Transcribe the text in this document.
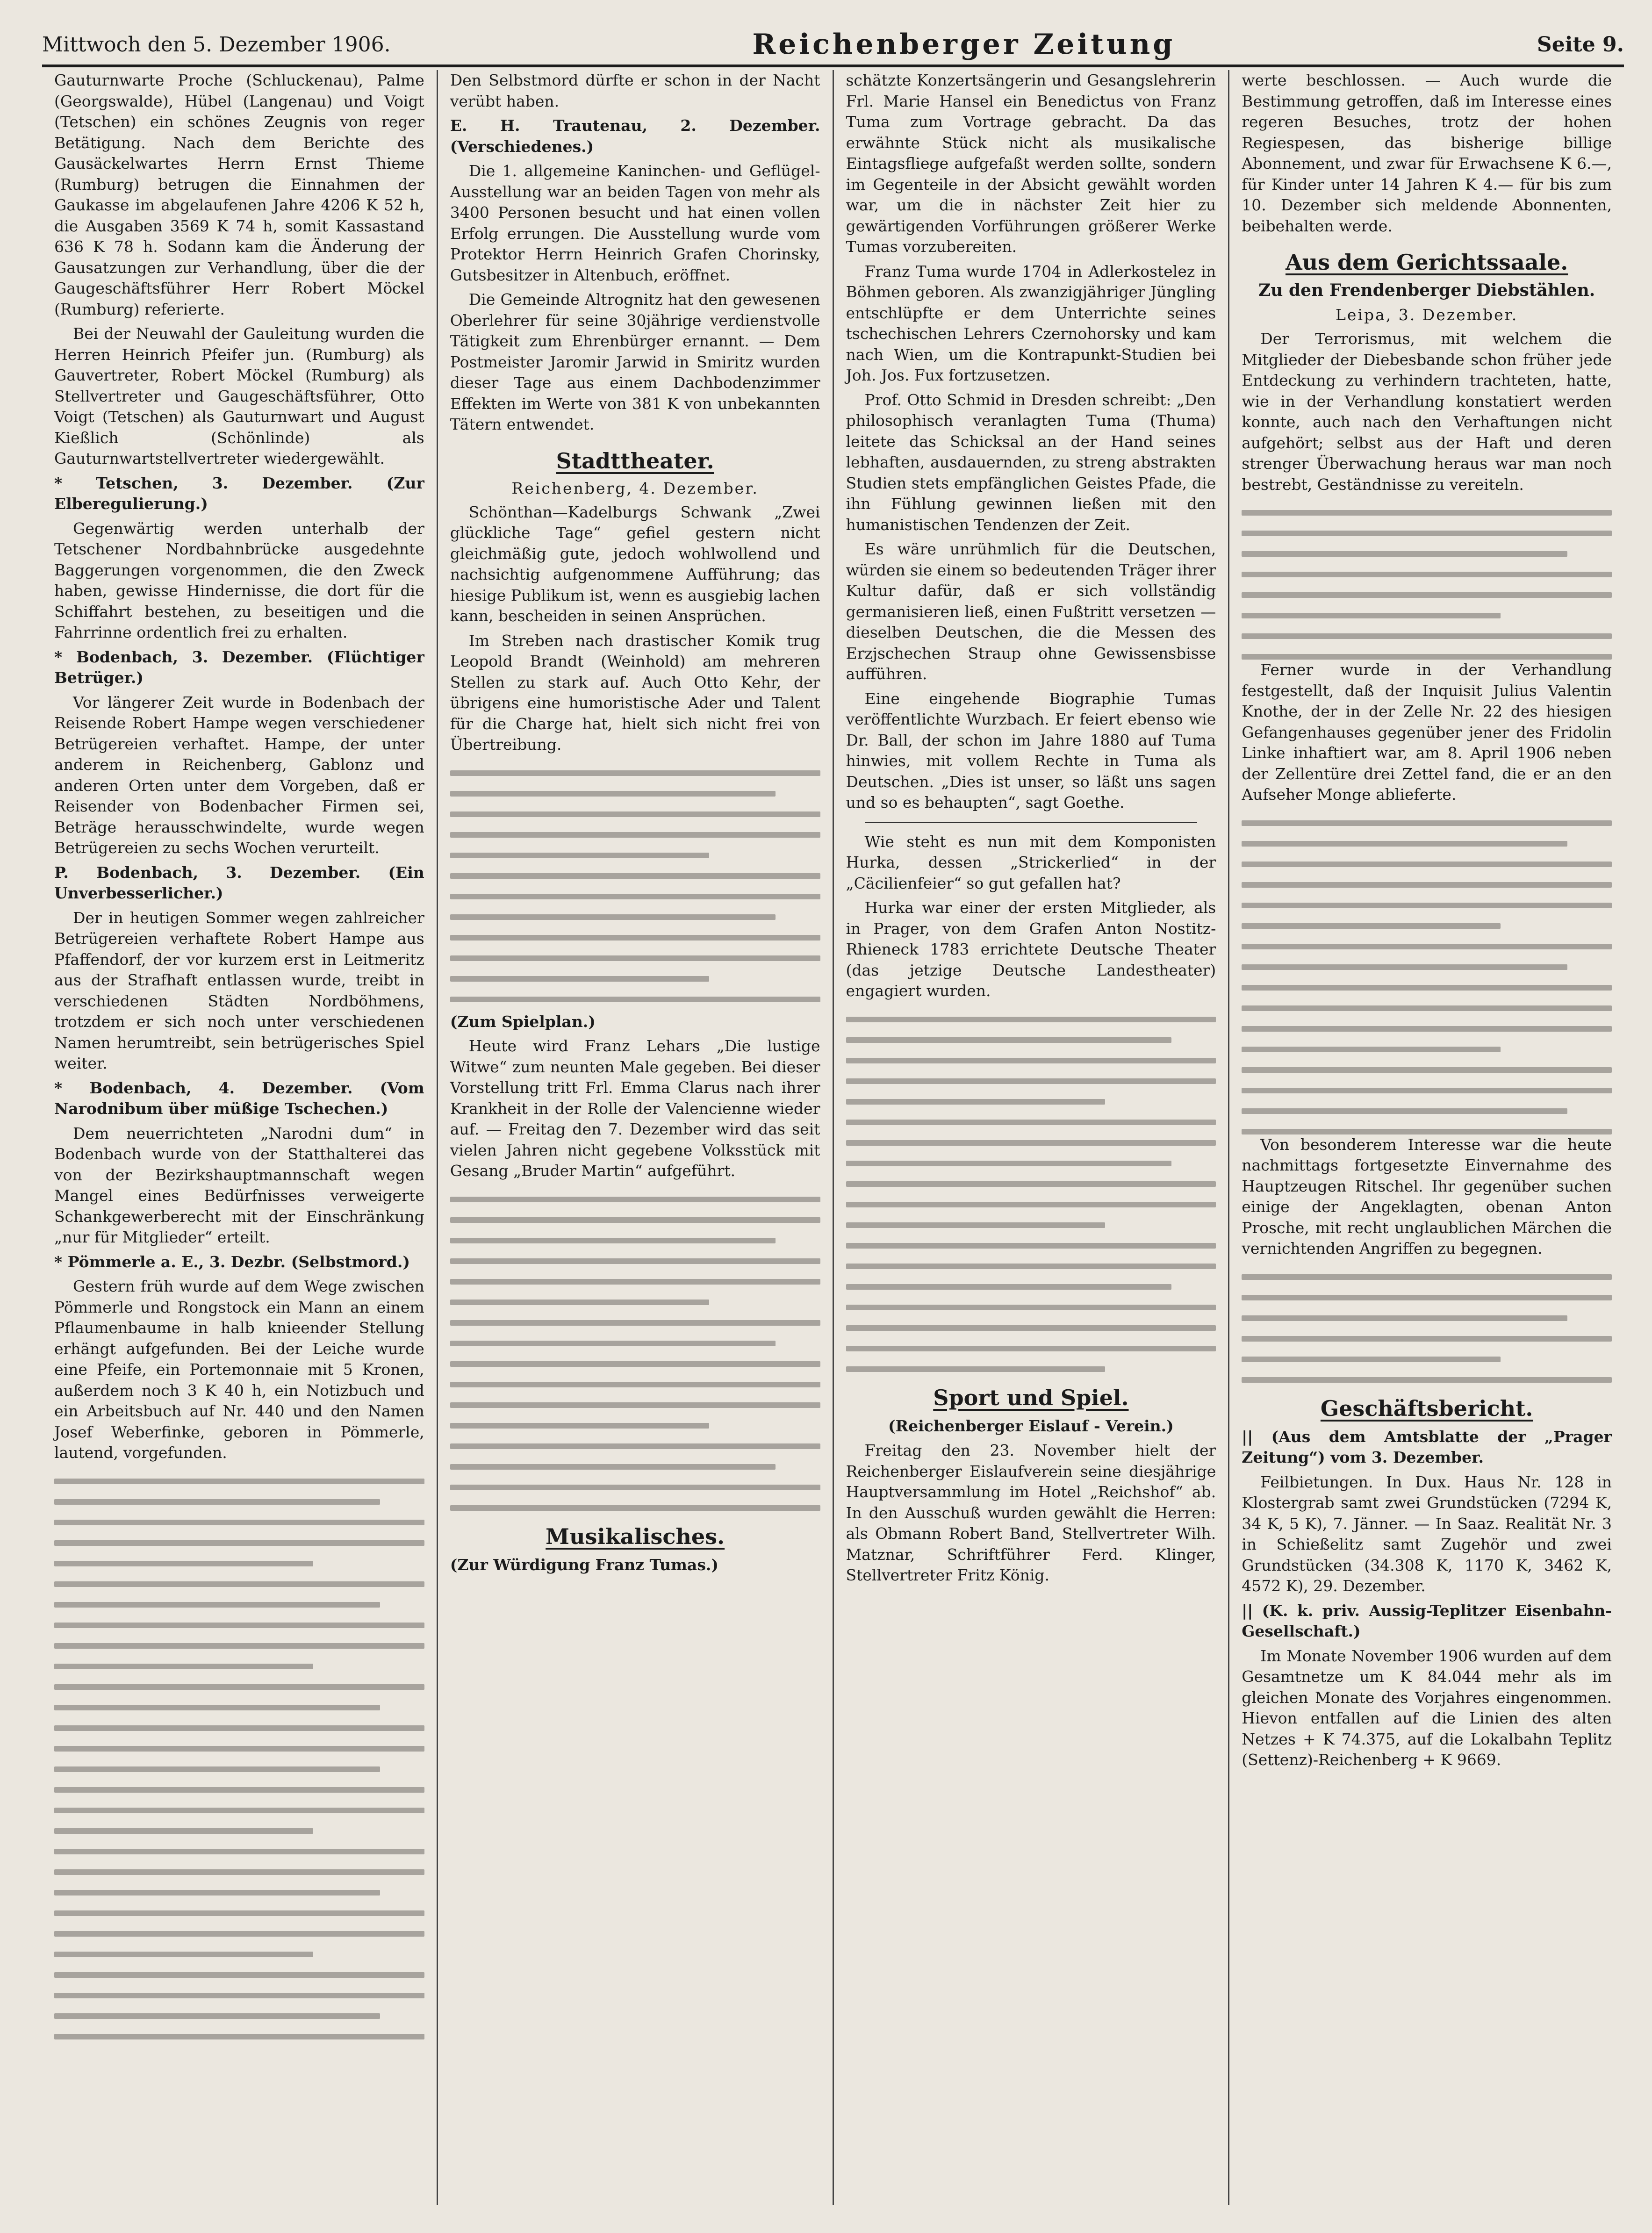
Mittwoch den 5. Dezember 1906.	Reichenberger Zeitung	Seite 9.

Gauturnwarte Proche (Schluckenau), Palme (Georgswalde), Hübel (Langenau) und Voigt (Tetschen) ein schönes Zeugnis von reger Betätigung. Nach dem Berichte des Gausäckelwartes Herrn Ernst Thieme (Rumburg) betrugen die Einnahmen der Gaukasse im abgelaufenen Jahre 4206 K 52 h, die Ausgaben 3569 K 74 h, somit Kassastand 636 K 78 h. Sodann kam die Änderung der Gausatzungen zur Verhandlung, über die der Gaugeschäftsführer Herr Robert Möckel (Rumburg) referierte.

Bei der Neuwahl der Gauleitung wurden die Herren Heinrich Pfeifer jun. (Rumburg) als Gauvertreter, Robert Möckel (Rumburg) als Stellvertreter und Gaugeschäftsführer, Otto Voigt (Tetschen) als Gauturnwart und August Kießlich (Schönlinde) als Gauturnwartstellvertreter wiedergewählt.

* Tetschen, 3. Dezember. (Zur Elberegulierung.)

Gegenwärtig werden unterhalb der Tetschener Nordbahnbrücke ausgedehnte Baggerungen vorgenommen, die den Zweck haben, gewisse Hindernisse, die dort für die Schiffahrt bestehen, zu beseitigen und die Fahrrinne ordentlich frei zu erhalten.

* Bodenbach, 3. Dezember. (Flüchtiger Betrüger.)

Vor längerer Zeit wurde in Bodenbach der Reisende Robert Hampe wegen verschiedener Betrügereien verhaftet. Hampe, der unter anderem in Reichenberg, Gablonz und anderen Orten unter dem Vorgeben, daß er Reisender von Bodenbacher Firmen sei, Beträge herausschwindelte, wurde wegen Betrügereien zu sechs Wochen verurteilt.

P. Bodenbach, 3. Dezember. (Ein Unverbesserlicher.)

Der in heutigen Sommer wegen zahlreicher Betrügereien verhaftete Robert Hampe aus Pfaffendorf, der vor kurzem erst in Leitmeritz aus der Strafhaft entlassen wurde, treibt in verschiedenen Städten Nordböhmens, trotzdem er sich noch unter verschiedenen Namen herumtreibt, sein betrügerisches Spiel weiter.

* Bodenbach, 4. Dezember. (Vom Narodnibum über müßige Tschechen.)

Dem neuerrichteten „Narodni dum“ in Bodenbach wurde von der Statthalterei das von der Bezirkshauptmannschaft wegen Mangel eines Bedürfnisses verweigerte Schankgewerberecht mit der Einschränkung „nur für Mitglieder“ erteilt.

* Pömmerle a. E., 3. Dezbr. (Selbstmord.)

Gestern früh wurde auf dem Wege zwischen Pömmerle und Rongstock ein Mann an einem Pflaumenbaume in halb knieender Stellung erhängt aufgefunden. Bei der Leiche wurde eine Pfeife, ein Portemonnaie mit 5 Kronen, außerdem noch 3 K 40 h, ein Notizbuch und ein Arbeitsbuch auf Nr. 440 und den Namen Josef Weberfinke, geboren in Pömmerle, lautend, vorgefunden.

Den Selbstmord dürfte er schon in der Nacht verübt haben.

E. H. Trautenau, 2. Dezember. (Verschiedenes.)

Die 1. allgemeine Kaninchen- und Geflügel-Ausstellung war an beiden Tagen von mehr als 3400 Personen besucht und hat einen vollen Erfolg errungen. Die Ausstellung wurde vom Protektor Herrn Heinrich Grafen Chorinsky, Gutsbesitzer in Altenbuch, eröffnet.

Die Gemeinde Altrognitz hat den gewesenen Oberlehrer für seine 30jährige verdienstvolle Tätigkeit zum Ehrenbürger ernannt. — Dem Postmeister Jaromir Jarwid in Smiritz wurden dieser Tage aus einem Dachbodenzimmer Effekten im Werte von 381 K von unbekannten Tätern entwendet.

Stadttheater.
Reichenberg, 4. Dezember.

Schönthan—Kadelburgs Schwank „Zwei glückliche Tage“ gefiel gestern nicht gleichmäßig gute, jedoch wohlwollend und nachsichtig aufgenommene Aufführung; das hiesige Publikum ist, wenn es ausgiebig lachen kann, bescheiden in seinen Ansprüchen.

Im Streben nach drastischer Komik trug Leopold Brandt (Weinhold) am mehreren Stellen zu stark auf. Auch Otto Kehr, der übrigens eine humoristische Ader und Talent für die Charge hat, hielt sich nicht frei von Übertreibung.

(Zum Spielplan.)

Heute wird Franz Lehars „Die lustige Witwe“ zum neunten Male gegeben. Bei dieser Vorstellung tritt Frl. Emma Clarus nach ihrer Krankheit in der Rolle der Valencienne wieder auf. — Freitag den 7. Dezember wird das seit vielen Jahren nicht gegebene Volksstück mit Gesang „Bruder Martin“ aufgeführt.

Musikalisches.

(Zur Würdigung Franz Tumas.)

schätzte Konzertsängerin und Gesangslehrerin Frl. Marie Hansel ein Benedictus von Franz Tuma zum Vortrage gebracht. Da das erwähnte Stück nicht als musikalische Eintagsfliege aufgefaßt werden sollte, sondern im Gegenteile in der Absicht gewählt worden war, um die in nächster Zeit hier zu gewärtigenden Vorführungen größerer Werke Tumas vorzubereiten.

Franz Tuma wurde 1704 in Adlerkostelez in Böhmen geboren. Als zwanzigjähriger Jüngling entschlüpfte er dem Unterrichte seines tschechischen Lehrers Czernohorsky und kam nach Wien, um die Kontrapunkt-Studien bei Joh. Jos. Fux fortzusetzen.

Prof. Otto Schmid in Dresden schreibt: „Den philosophisch veranlagten Tuma (Thuma) leitete das Schicksal an der Hand seines lebhaften, ausdauernden, zu streng abstrakten Studien stets empfänglichen Geistes Pfade, die ihn Fühlung gewinnen ließen mit den humanistischen Tendenzen der Zeit.

Es wäre unrühmlich für die Deutschen, würden sie einem so bedeutenden Träger ihrer Kultur dafür, daß er sich vollständig germanisieren ließ, einen Fußtritt versetzen — dieselben Deutschen, die die Messen des Erzjschechen Straup ohne Gewissensbisse aufführen.

Eine eingehende Biographie Tumas veröffentlichte Wurzbach. Er feiert ebenso wie Dr. Ball, der schon im Jahre 1880 auf Tuma hinwies, mit vollem Rechte in Tuma als Deutschen. „Dies ist unser, so läßt uns sagen und so es behaupten“, sagt Goethe.

Wie steht es nun mit dem Komponisten Hurka, dessen „Strickerlied“ in der „Cäcilienfeier“ so gut gefallen hat?

Hurka war einer der ersten Mitglieder, als in Prager, von dem Grafen Anton Nostitz-Rhieneck 1783 errichtete Deutsche Theater (das jetzige Deutsche Landestheater) engagiert wurden.

Sport und Spiel.

(Reichenberger Eislauf - Verein.)

Freitag den 23. November hielt der Reichenberger Eislaufverein seine diesjährige Hauptversammlung im Hotel „Reichshof“ ab. In den Ausschuß wurden gewählt die Herren: als Obmann Robert Band, Stellvertreter Wilh. Matznar, Schriftführer Ferd. Klinger, Stellvertreter Fritz König.

werte beschlossen. — Auch wurde die Bestimmung getroffen, daß im Interesse eines regeren Besuches, trotz der hohen Regiespesen, das bisherige billige Abonnement, und zwar für Erwachsene K 6.—, für Kinder unter 14 Jahren K 4.— für bis zum 10. Dezember sich meldende Abonnenten, beibehalten werde.

Aus dem Gerichtssaale.
Zu den Frendenberger Diebstählen.
Leipa, 3. Dezember.

Der Terrorismus, mit welchem die Mitglieder der Diebesbande schon früher jede Entdeckung zu verhindern trachteten, hatte, wie in der Verhandlung konstatiert werden konnte, auch nach den Verhaftungen nicht aufgehört; selbst aus der Haft und deren strenger Überwachung heraus war man noch bestrebt, Geständnisse zu vereiteln.

Ferner wurde in der Verhandlung festgestellt, daß der Inquisit Julius Valentin Knothe, der in der Zelle Nr. 22 des hiesigen Gefangenhauses gegenüber jener des Fridolin Linke inhaftiert war, am 8. April 1906 neben der Zellentüre drei Zettel fand, die er an den Aufseher Monge ablieferte.

Von besonderem Interesse war die heute nachmittags fortgesetzte Einvernahme des Hauptzeugen Ritschel. Ihr gegenüber suchen einige der Angeklagten, obenan Anton Prosche, mit recht unglaublichen Märchen die vernichtenden Angriffen zu begegnen.

Geschäftsbericht.

|| (Aus dem Amtsblatte der „Prager Zeitung“) vom 3. Dezember.

Feilbietungen. In Dux. Haus Nr. 128 in Klostergrab samt zwei Grundstücken (7294 K, 34 K, 5 K), 7. Jänner. — In Saaz. Realität Nr. 3 in Schießelitz samt Zugehör und zwei Grundstücken (34.308 K, 1170 K, 3462 K, 4572 K), 29. Dezember.

|| (K. k. priv. Aussig-Teplitzer Eisenbahn-Gesellschaft.)

Im Monate November 1906 wurden auf dem Gesamtnetze um K 84.044 mehr als im gleichen Monate des Vorjahres eingenommen. Hievon entfallen auf die Linien des alten Netzes + K 74.375, auf die Lokalbahn Teplitz (Settenz)-Reichenberg + K 9669.
